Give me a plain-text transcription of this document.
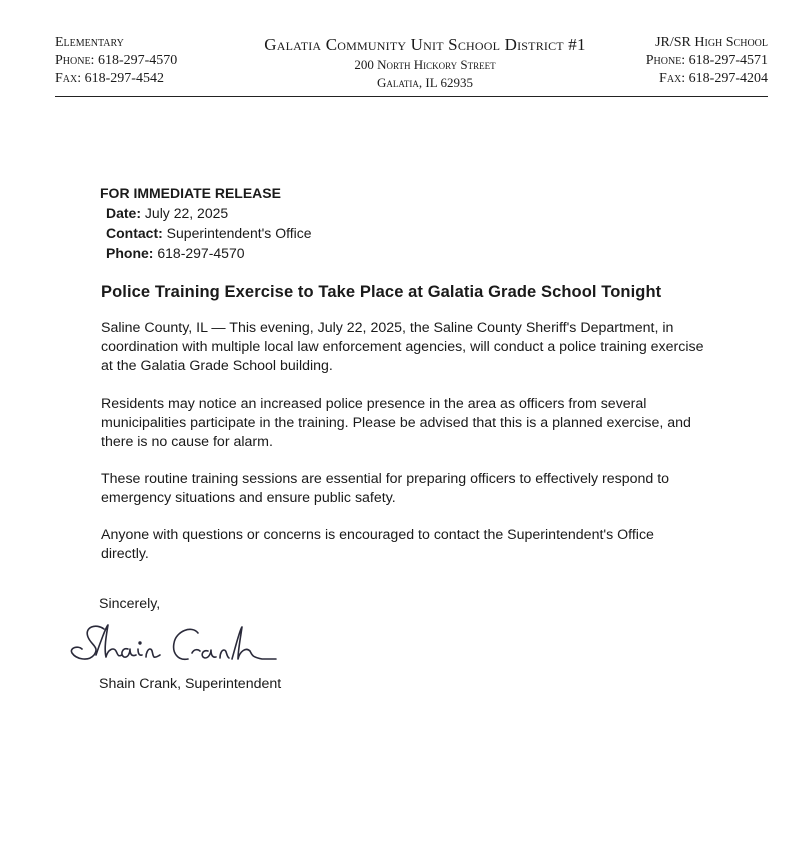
Elementary
Phone: 618-297-4570
Fax: 618-297-4542
Galatia Community Unit School District #1
200 North Hickory Street
Galatia, IL 62935
JR/SR High School
Phone: 618-297-4571
Fax: 618-297-4204
FOR IMMEDIATE RELEASE
Date: July 22, 2025
Contact: Superintendent's Office
Phone: 618-297-4570
Police Training Exercise to Take Place at Galatia Grade School Tonight
Saline County, IL — This evening, July 22, 2025, the Saline County Sheriff's Department, in
coordination with multiple local law enforcement agencies, will conduct a police training exercise
at the Galatia Grade School building.
Residents may notice an increased police presence in the area as officers from several
municipalities participate in the training. Please be advised that this is a planned exercise, and
there is no cause for alarm.
These routine training sessions are essential for preparing officers to effectively respond to
emergency situations and ensure public safety.
Anyone with questions or concerns is encouraged to contact the Superintendent's Office
directly.
Sincerely,
Shain Crank, Superintendent
